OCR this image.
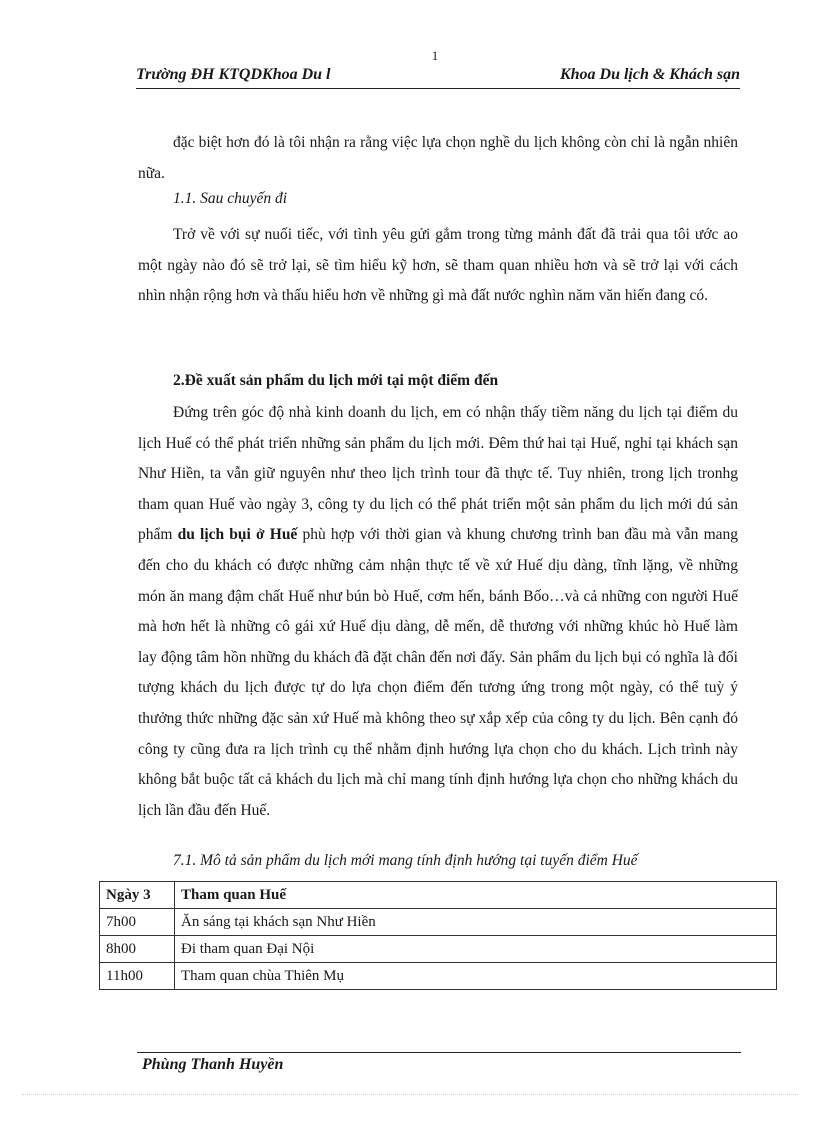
1
Trường ĐH KTQDKhoa Du l	Khoa Du lịch & Khách sạn
đặc biệt hơn đó là tôi nhận ra rằng việc lựa chọn nghề du lịch không còn chỉ là ngẫn nhiên nữa.
1.1. Sau chuyến đi
Trở về với sự nuối tiếc, với tình yêu gửi gắm trong từng mảnh đất đã trải qua tôi ước ao một ngày nào đó sẽ trở lại, sẽ tìm hiểu kỹ hơn, sẽ tham quan nhiều hơn và sẽ trở lại với cách nhìn nhận rộng hơn và thấu hiểu hơn về những gì mà đất nước nghìn năm văn hiến đang có.
2.Đề xuất sản phẩm du lịch mới tại một điểm đến
Đứng trên góc độ nhà kinh doanh du lịch, em có nhận thấy tiềm năng du lịch tại điểm du lịch Huế có thể phát triển những sản phẩm du lịch mới. Đêm thứ hai tại Huế, nghỉ tại khách sạn Như Hiền, ta vẫn giữ nguyên như theo lịch trình tour đã thực tế. Tuy nhiên, trong lịch tronhg tham quan Huế vào ngày 3, công ty du lịch có thể phát triển một sản phẩm du lịch mới dú sản phẩm du lịch bụi ở Huế phù hợp với thời gian và khung chương trình ban đầu mà vẫn mang đến cho du khách có được những cảm nhận thực tế về xứ Huế dịu dàng, tĩnh lặng, về những món ăn mang đậm chất Huế như bún bò Huế, cơm hến, bánh Bốo…và cả những con người Huế mà hơn hết là những cô gái xứ Huế dịu dàng, dễ mến, dễ thương với những khúc hò Huế làm lay động tâm hồn những du khách đã đặt chân đến nơi đấy. Sản phẩm du lịch bụi có nghĩa là đối tượng khách du lịch được tự do lựa chọn điểm đến tương ứng trong một ngày, có thể tuỳ ý thưởng thức những đặc sản xứ Huế mà không theo sự xắp xếp của công ty du lịch. Bên cạnh đó công ty cũng đưa ra lịch trình cụ thể nhằm định hướng lựa chọn cho du khách. Lịch trình này không bắt buộc tất cả khách du lịch mà chỉ mang tính định hướng lựa chọn cho những khách du lịch lần đầu đến Huế.
7.1. Mô tả sản phẩm du lịch mới mang tính định hướng tại tuyến điểm Huế
Ngày 3	Tham quan Huế
7h00	Ăn sáng tại khách sạn Như Hiền
8h00	Đi tham quan Đại Nội
11h00	Tham quan chùa Thiên Mụ
Phùng Thanh Huyền
